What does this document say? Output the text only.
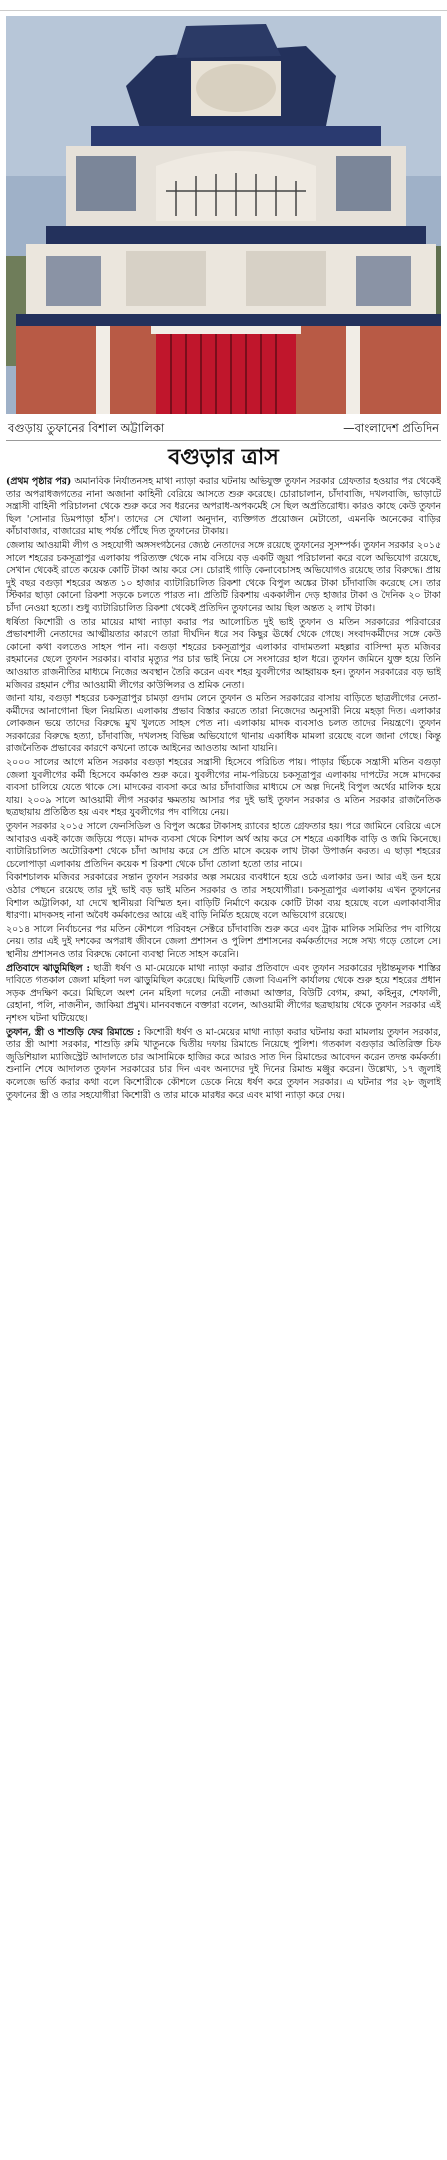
বগুড়ায় তুফানের বিশাল অট্টালিকা	—বাংলাদেশ প্রতিদিন
বগুড়ার ত্রাস

(প্রথম পৃষ্ঠার পর) অমানবিক নির্যাতনসহ মাথা ন্যাড়া করার ঘটনায় অভিযুক্ত তুফান সরকার গ্রেফতার হওয়ার পর থেকেই তার অপরাধজগতের নানা অজানা কাহিনী বেরিয়ে আসতে শুরু করেছে। চোরাচালান, চাঁদাবাজি, দখলবাজি, ভাড়াটে সন্ত্রাসী বাহিনী পরিচালনা থেকে শুরু করে সব ধরনের অপরাধ-অপকর্মেই সে ছিল অপ্রতিরোধ্য। কারও কাছে কেউ তুফান ছিল 'সোনার ডিমপাড়া হাঁস'। তাদের সে খোলা অনুদান, ব্যক্তিগত প্রয়োজন মেটাতো, এমনকি অনেকের বাড়ির কাঁচাবাজার, বাজারের মাছ পর্যন্ত পৌঁছে দিত তুফানের টাকায়।

জেলায় আওয়ামী লীগ ও সহযোগী অঙ্গসংগঠনের জ্যেষ্ঠ নেতাদের সঙ্গে রয়েছে তুফানের সুসম্পর্ক। তুফান সরকার ২০১৫ সালে শহরের চকসূত্রাপুর এলাকায় পরিত্যক্ত থেকে নাম বসিয়ে বড় একটি জুয়া পরিচালনা করে বলে অভিযোগ রয়েছে, সেখান থেকেই রাতে কয়েক কোটি টাকা আয় করে সে। চোরাই গাড়ি কেনাবেচাসহ অভিযোগও রয়েছে তার বিরুদ্ধে। প্রায় দুই বছর বগুড়া শহরের অন্তত ১০ হাজার ব্যাটারিচালিত রিকশা থেকে বিপুল অঙ্কের টাকা চাঁদাবাজি করেছে সে। তার স্টিকার ছাড়া কোনো রিকশা সড়কে চলতে পারত না। প্রতিটি রিকশায় এককালীন দেড় হাজার টাকা ও দৈনিক ২০ টাকা চাঁদা নেওয়া হতো। শুধু ব্যাটারিচালিত রিকশা থেকেই প্রতিদিন তুফানের আয় ছিল অন্তত ২ লাখ টাকা।

ধর্ষিতা কিশোরী ও তার মায়ের মাথা ন্যাড়া করার পর আলোচিত দুই ভাই তুফান ও মতিন সরকারের পরিবারের প্রভাবশালী নেতাদের আত্মীয়তার কারণে তারা দীর্ঘদিন ধরে সব কিছুর ঊর্ধ্বে থেকে গেছে। সংবাদকর্মীদের সঙ্গে কেউ কোনো কথা বলতেও সাহস পান না। বগুড়া শহরের চকসূত্রাপুর এলাকার বাদামতলা মহল্লার বাসিন্দা মৃত মজিবর রহমানের ছেলে তুফান সরকার। বাবার মৃত্যুর পর চার ভাই নিয়ে সে সংসারের হাল ধরে। তুফান জমিনে যুক্ত হয়ে তিনি আওয়াত রাজনীতির মাধ্যমে নিজের অবস্থান তৈরি করেন এবং শহর যুবলীগের আহ্বায়ক হন। তুফান সরকারের বড় ভাই মজিবর রহমান পৌর আওয়ামী লীগের কাউন্সিলর ও শ্রমিক নেতা।

জানা যায়, বগুড়া শহরের চকসূত্রাপুর চামড়া গুদাম লেনে তুফান ও মতিন সরকারের বাসায় বাড়িতে ছাত্রলীগের নেতা-কর্মীদের আনাগোনা ছিল নিয়মিত। এলাকায় প্রভাব বিস্তার করতে তারা নিজেদের অনুসারী নিয়ে মহড়া দিত। এলাকার লোকজন ভয়ে তাদের বিরুদ্ধে মুখ খুলতে সাহস পেত না। এলাকায় মাদক ব্যবসাও চলত তাদের নিয়ন্ত্রণে। তুফান সরকারের বিরুদ্ধে হত্যা, চাঁদাবাজি, দখলসহ বিভিন্ন অভিযোগে থানায় একাধিক মামলা রয়েছে বলে জানা গেছে। কিন্তু রাজনৈতিক প্রভাবের কারণে কখনো তাকে আইনের আওতায় আনা যায়নি।

২০০০ সালের আগে মতিন সরকার বগুড়া শহরের সন্ত্রাসী হিসেবে পরিচিত পায়। পাড়ার ছিঁচকে সন্ত্রাসী মতিন বগুড়া জেলা যুবলীগের কর্মী হিসেবে কর্মকাণ্ড শুরু করে। যুবলীগের নাম-পরিচয়ে চকসূত্রাপুর এলাকায় দাপটের সঙ্গে মাদকের ব্যবসা চালিয়ে যেতে থাকে সে। মাদকের ব্যবসা করে আর চাঁদাবাজির মাধ্যমে সে অল্প দিনেই বিপুল অর্থের মালিক হয়ে যায়। ২০০৯ সালে আওয়ামী লীগ সরকার ক্ষমতায় আসার পর দুই ভাই তুফান সরকার ও মতিন সরকার রাজনৈতিক ছত্রছায়ায় প্রতিষ্ঠিত হয় এবং শহর যুবলীগের পদ বাগিয়ে নেয়।

তুফান সরকার ২০১৫ সালে ফেনসিডিল ও বিপুল অঙ্কের টাকাসহ র‌্যাবের হাতে গ্রেফতার হয়। পরে জামিনে বেরিয়ে এসে আবারও একই কাজে জড়িয়ে পড়ে। মাদক ব্যবসা থেকে বিশাল অর্থ আয় করে সে শহরে একাধিক বাড়ি ও জমি কিনেছে। ব্যাটারিচালিত অটোরিকশা থেকে চাঁদা আদায় করে সে প্রতি মাসে কয়েক লাখ টাকা উপার্জন করত। এ ছাড়া শহরের চেলোপাড়া এলাকায় প্রতিদিন কয়েক শ রিকশা থেকে চাঁদা তোলা হতো তার নামে।

বিকাশচালক মজিবর সরকারের সন্তান তুফান সরকার অল্প সময়ের ব্যবধানে হয়ে ওঠে এলাকার ডন। আর এই ডন হয়ে ওঠার পেছনে রয়েছে তার দুই ভাই বড় ভাই মতিন সরকার ও তার সহযোগীরা। চকসূত্রাপুর এলাকায় এখন তুফানের বিশাল অট্টালিকা, যা দেখে স্থানীয়রা বিস্মিত হন। বাড়িটি নির্মাণে কয়েক কোটি টাকা ব্যয় হয়েছে বলে এলাকাবাসীর ধারণা। মাদকসহ নানা অবৈধ কর্মকাণ্ডের আয়ে এই বাড়ি নির্মিত হয়েছে বলে অভিযোগ রয়েছে।

২০১৪ সালে নির্বাচনের পর মতিন কৌশলে পরিবহন সেক্টরে চাঁদাবাজি শুরু করে এবং ট্রাক মালিক সমিতির পদ বাগিয়ে নেয়। তার এই দুই দশকের অপরাধ জীবনে জেলা প্রশাসন ও পুলিশ প্রশাসনের কর্মকর্তাদের সঙ্গে সখ্য গড়ে তোলে সে। স্থানীয় প্রশাসনও তার বিরুদ্ধে কোনো ব্যবস্থা নিতে সাহস করেনি।

প্রতিবাদে ঝাড়ুমিছিল : ছাত্রী ধর্ষণ ও মা-মেয়েকে মাথা ন্যাড়া করার প্রতিবাদে এবং তুফান সরকারের দৃষ্টান্তমূলক শাস্তির দাবিতে গতকাল জেলা মহিলা দল ঝাড়ুমিছিল করেছে। মিছিলটি জেলা বিএনপি কার্যালয় থেকে শুরু হয়ে শহরের প্রধান সড়ক প্রদক্ষিণ করে। মিছিলে অংশ নেন মহিলা দলের নেত্রী নাজমা আক্তার, বিউটি বেগম, রুমা, কহিনুর, শেফালী, রেহানা, পলি, নাজনীন, জাকিয়া প্রমুখ। মানববন্ধনে বক্তারা বলেন, আওয়ামী লীগের ছত্রছায়ায় থেকে তুফান সরকার এই নৃশংস ঘটনা ঘটিয়েছে।

তুফান, স্ত্রী ও শাশুড়ি ফের রিমান্ডে : কিশোরী ধর্ষণ ও মা-মেয়ের মাথা ন্যাড়া করার ঘটনায় করা মামলায় তুফান সরকার, তার স্ত্রী আশা সরকার, শাশুড়ি রুমি খাতুনকে দ্বিতীয় দফায় রিমান্ডে নিয়েছে পুলিশ। গতকাল বগুড়ার অতিরিক্ত চিফ জুডিশিয়াল ম্যাজিস্ট্রেট আদালতে চার আসামিকে হাজির করে আরও সাত দিন রিমান্ডের আবেদন করেন তদন্ত কর্মকর্তা। শুনানি শেষে আদালত তুফান সরকারের চার দিন এবং অন্যদের দুই দিনের রিমান্ড মঞ্জুর করেন। উল্লেখ্য, ১৭ জুলাই কলেজে ভর্তি করার কথা বলে কিশোরীকে কৌশলে ডেকে নিয়ে ধর্ষণ করে তুফান সরকার। এ ঘটনার পর ২৮ জুলাই তুফানের স্ত্রী ও তার সহযোগীরা কিশোরী ও তার মাকে মারধর করে এবং মাথা ন্যাড়া করে দেয়।
